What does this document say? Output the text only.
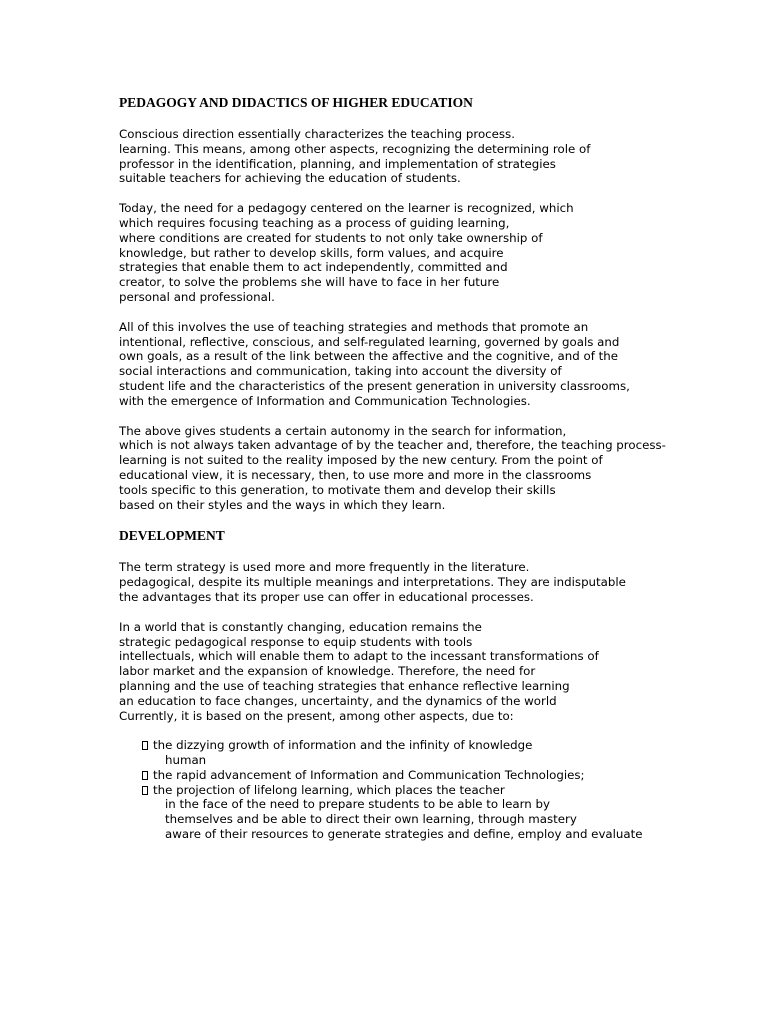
PEDAGOGY AND DIDACTICS OF HIGHER EDUCATION

Conscious direction essentially characterizes the teaching process.
learning. This means, among other aspects, recognizing the determining role of
professor in the identification, planning, and implementation of strategies
suitable teachers for achieving the education of students.

Today, the need for a pedagogy centered on the learner is recognized, which
which requires focusing teaching as a process of guiding learning,
where conditions are created for students to not only take ownership of
knowledge, but rather to develop skills, form values, and acquire
strategies that enable them to act independently, committed and
creator, to solve the problems she will have to face in her future
personal and professional.

All of this involves the use of teaching strategies and methods that promote an
intentional, reflective, conscious, and self-regulated learning, governed by goals and
own goals, as a result of the link between the affective and the cognitive, and of the
social interactions and communication, taking into account the diversity of
student life and the characteristics of the present generation in university classrooms,
with the emergence of Information and Communication Technologies.

The above gives students a certain autonomy in the search for information,
which is not always taken advantage of by the teacher and, therefore, the teaching process-
learning is not suited to the reality imposed by the new century. From the point of
educational view, it is necessary, then, to use more and more in the classrooms
tools specific to this generation, to motivate them and develop their skills
based on their styles and the ways in which they learn.

DEVELOPMENT

The term strategy is used more and more frequently in the literature.
pedagogical, despite its multiple meanings and interpretations. They are indisputable
the advantages that its proper use can offer in educational processes.

In a world that is constantly changing, education remains the
strategic pedagogical response to equip students with tools
intellectuals, which will enable them to adapt to the incessant transformations of
labor market and the expansion of knowledge. Therefore, the need for
planning and the use of teaching strategies that enhance reflective learning
an education to face changes, uncertainty, and the dynamics of the world
Currently, it is based on the present, among other aspects, due to:

the dizzying growth of information and the infinity of knowledge
human
the rapid advancement of Information and Communication Technologies;
the projection of lifelong learning, which places the teacher
in the face of the need to prepare students to be able to learn by
themselves and be able to direct their own learning, through mastery
aware of their resources to generate strategies and define, employ and evaluate
